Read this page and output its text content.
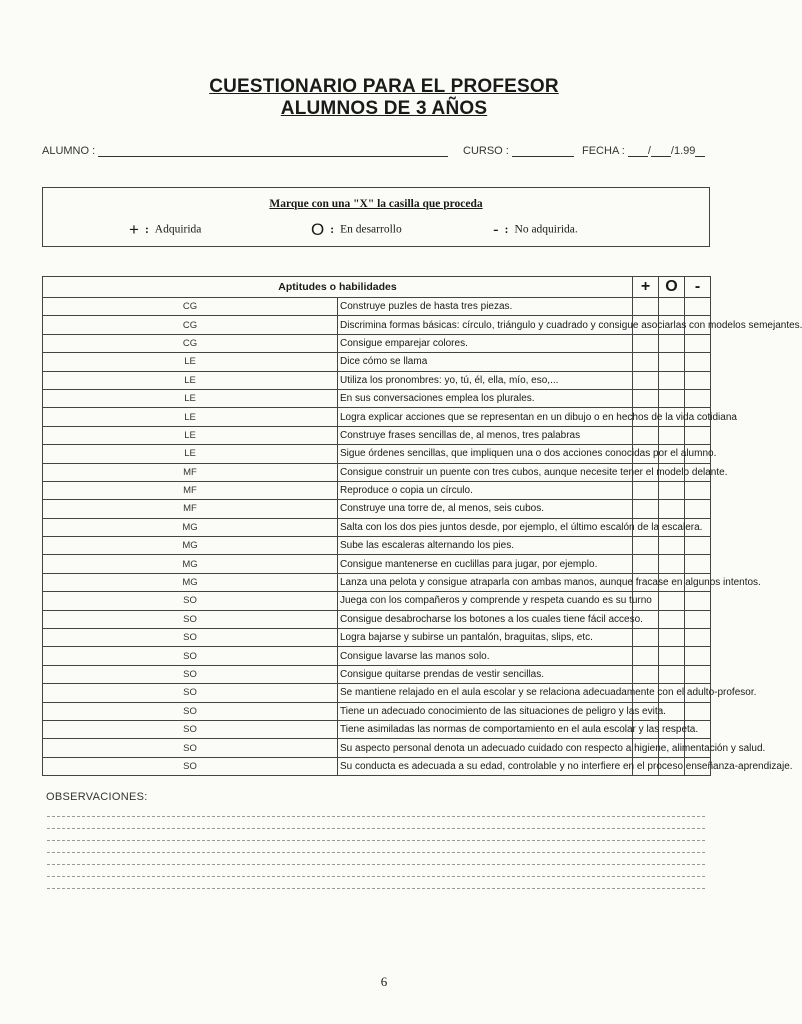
CUESTIONARIO PARA EL PROFESOR
ALUMNOS DE 3 AÑOS
ALUMNO :	CURSO :	FECHA : / /1.99
Marque con una "X" la casilla que proceda
+ : Adquirida	O : En desarrollo	- : No adquirida.
Aptitudes o habilidades		+	O	-
CG	Construye puzles de hasta tres piezas.			
CG	Discrimina formas básicas: círculo, triángulo y cuadrado y consigue asociarlas con modelos semejantes.			
CG	Consigue emparejar colores.			
LE	Dice cómo se llama			
LE	Utiliza los pronombres: yo, tú, él, ella, mío, eso,...			
LE	En sus conversaciones emplea los plurales.			
LE	Logra explicar acciones que se representan en un dibujo o en hechos de la vida cotidiana			
LE	Construye frases sencillas de, al menos, tres palabras			
LE	Sigue órdenes sencillas, que impliquen una o dos acciones conocidas por el alumno.			
MF	Consigue construir un puente con tres cubos, aunque necesite tener el modelo delante.			
MF	Reproduce o copia un círculo.			
MF	Construye una torre de, al menos, seis cubos.			
MG	Salta con los dos pies juntos desde, por ejemplo, el último escalón de la escalera.			
MG	Sube las escaleras alternando los pies.			
MG	Consigue mantenerse en cuclillas para jugar, por ejemplo.			
MG	Lanza una pelota y consigue atraparla con ambas manos, aunque fracase en algunos intentos.			
SO	Juega con los compañeros y comprende y respeta cuando es su turno			
SO	Consigue desabrocharse los botones a los cuales tiene fácil acceso.			
SO	Logra bajarse y subirse un pantalón, braguitas, slips, etc.			
SO	Consigue lavarse las manos solo.			
SO	Consigue quitarse prendas de vestir sencillas.			
SO	Se mantiene relajado en el aula escolar y se relaciona adecuadamente con el adulto-profesor.			
SO	Tiene un adecuado conocimiento de las situaciones de peligro y las evita.			
SO	Tiene asimiladas las normas de comportamiento en el aula escolar y las respeta.			
SO	Su aspecto personal denota un adecuado cuidado con respecto a higiene, alimentación y salud.			
SO	Su conducta es adecuada a su edad, controlable y no interfiere en el proceso enseñanza-aprendizaje.			
OBSERVACIONES:
6
